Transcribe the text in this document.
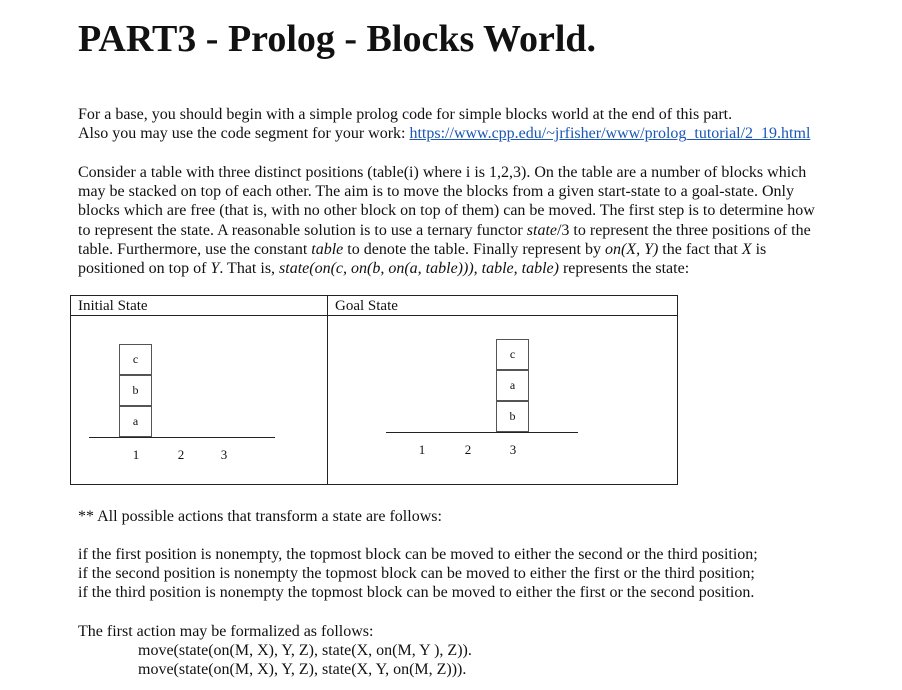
PART3 - Prolog - Blocks World.
For a base, you should begin with a simple prolog code for simple blocks world at the end of this part.
Also you may use the code segment for your work: https://www.cpp.edu/~jrfisher/www/prolog_tutorial/2_19.html
Consider a table with three distinct positions (table(i) where i is 1,2,3). On the table are a number of blocks which
may be stacked on top of each other. The aim is to move the blocks from a given start-state to a goal-state. Only
blocks which are free (that is, with no other block on top of them) can be moved. The first step is to determine how
to represent the state. A reasonable solution is to use a ternary functor state/3 to represent the three positions of the
table. Furthermore, use the constant table to denote the table. Finally represent by on(X, Y) the fact that X is
positioned on top of Y. That is, state(on(c, on(b, on(a, table))), table, table) represents the state:
Initial State
c
b
a
1	2	3
Goal State
c
a
b
1	2	3
** All possible actions that transform a state are follows:
if the first position is nonempty, the topmost block can be moved to either the second or the third position;
if the second position is nonempty the topmost block can be moved to either the first or the third position;
if the third position is nonempty the topmost block can be moved to either the first or the second position.
The first action may be formalized as follows:
move(state(on(M, X), Y, Z), state(X, on(M, Y ), Z)).
move(state(on(M, X), Y, Z), state(X, Y, on(M, Z))).
